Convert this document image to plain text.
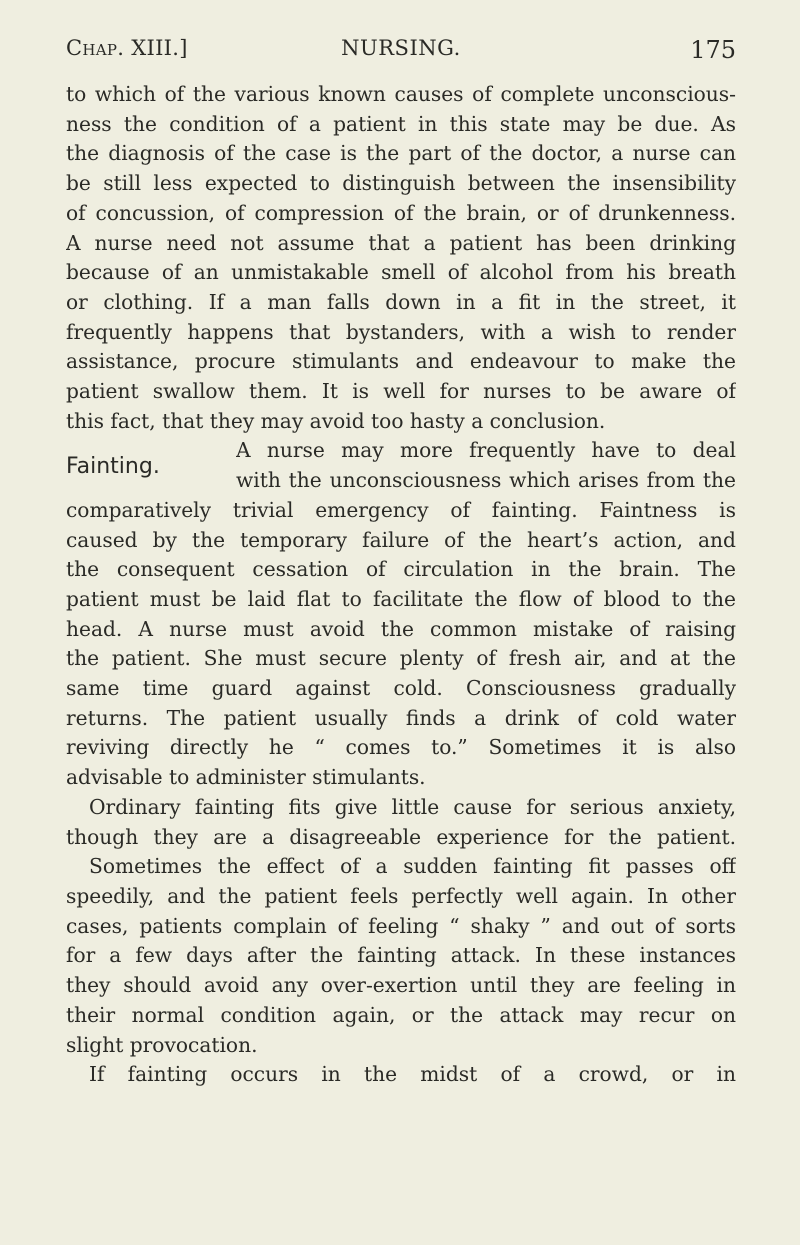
Chap. XIII.]	NURSING.	175
to which of the various known causes of complete unconscious-
ness the condition of a patient in this state may be due. As
the diagnosis of the case is the part of the doctor, a nurse can
be still less expected to distinguish between the insensibility
of concussion, of compression of the brain, or of drunkenness.
A nurse need not assume that a patient has been drinking
because of an unmistakable smell of alcohol from his breath
or clothing. If a man falls down in a fit in the street, it
frequently happens that bystanders, with a wish to render
assistance, procure stimulants and endeavour to make the
patient swallow them. It is well for nurses to be aware of
this fact, that they may avoid too hasty a conclusion.
Fainting.
A nurse may more frequently have to deal
with the unconsciousness which arises from the
comparatively trivial emergency of fainting. Faintness is
caused by the temporary failure of the heart’s action, and
the consequent cessation of circulation in the brain. The
patient must be laid flat to facilitate the flow of blood to the
head. A nurse must avoid the common mistake of raising
the patient. She must secure plenty of fresh air, and at the
same time guard against cold. Consciousness gradually
returns. The patient usually finds a drink of cold water
reviving directly he “ comes to.” Sometimes it is also
advisable to administer stimulants.
Ordinary fainting fits give little cause for serious anxiety,
though they are a disagreeable experience for the patient.
Sometimes the effect of a sudden fainting fit passes off
speedily, and the patient feels perfectly well again. In other
cases, patients complain of feeling “ shaky ” and out of sorts
for a few days after the fainting attack. In these instances
they should avoid any over-exertion until they are feeling in
their normal condition again, or the attack may recur on
slight provocation.
If fainting occurs in the midst of a crowd, or in
